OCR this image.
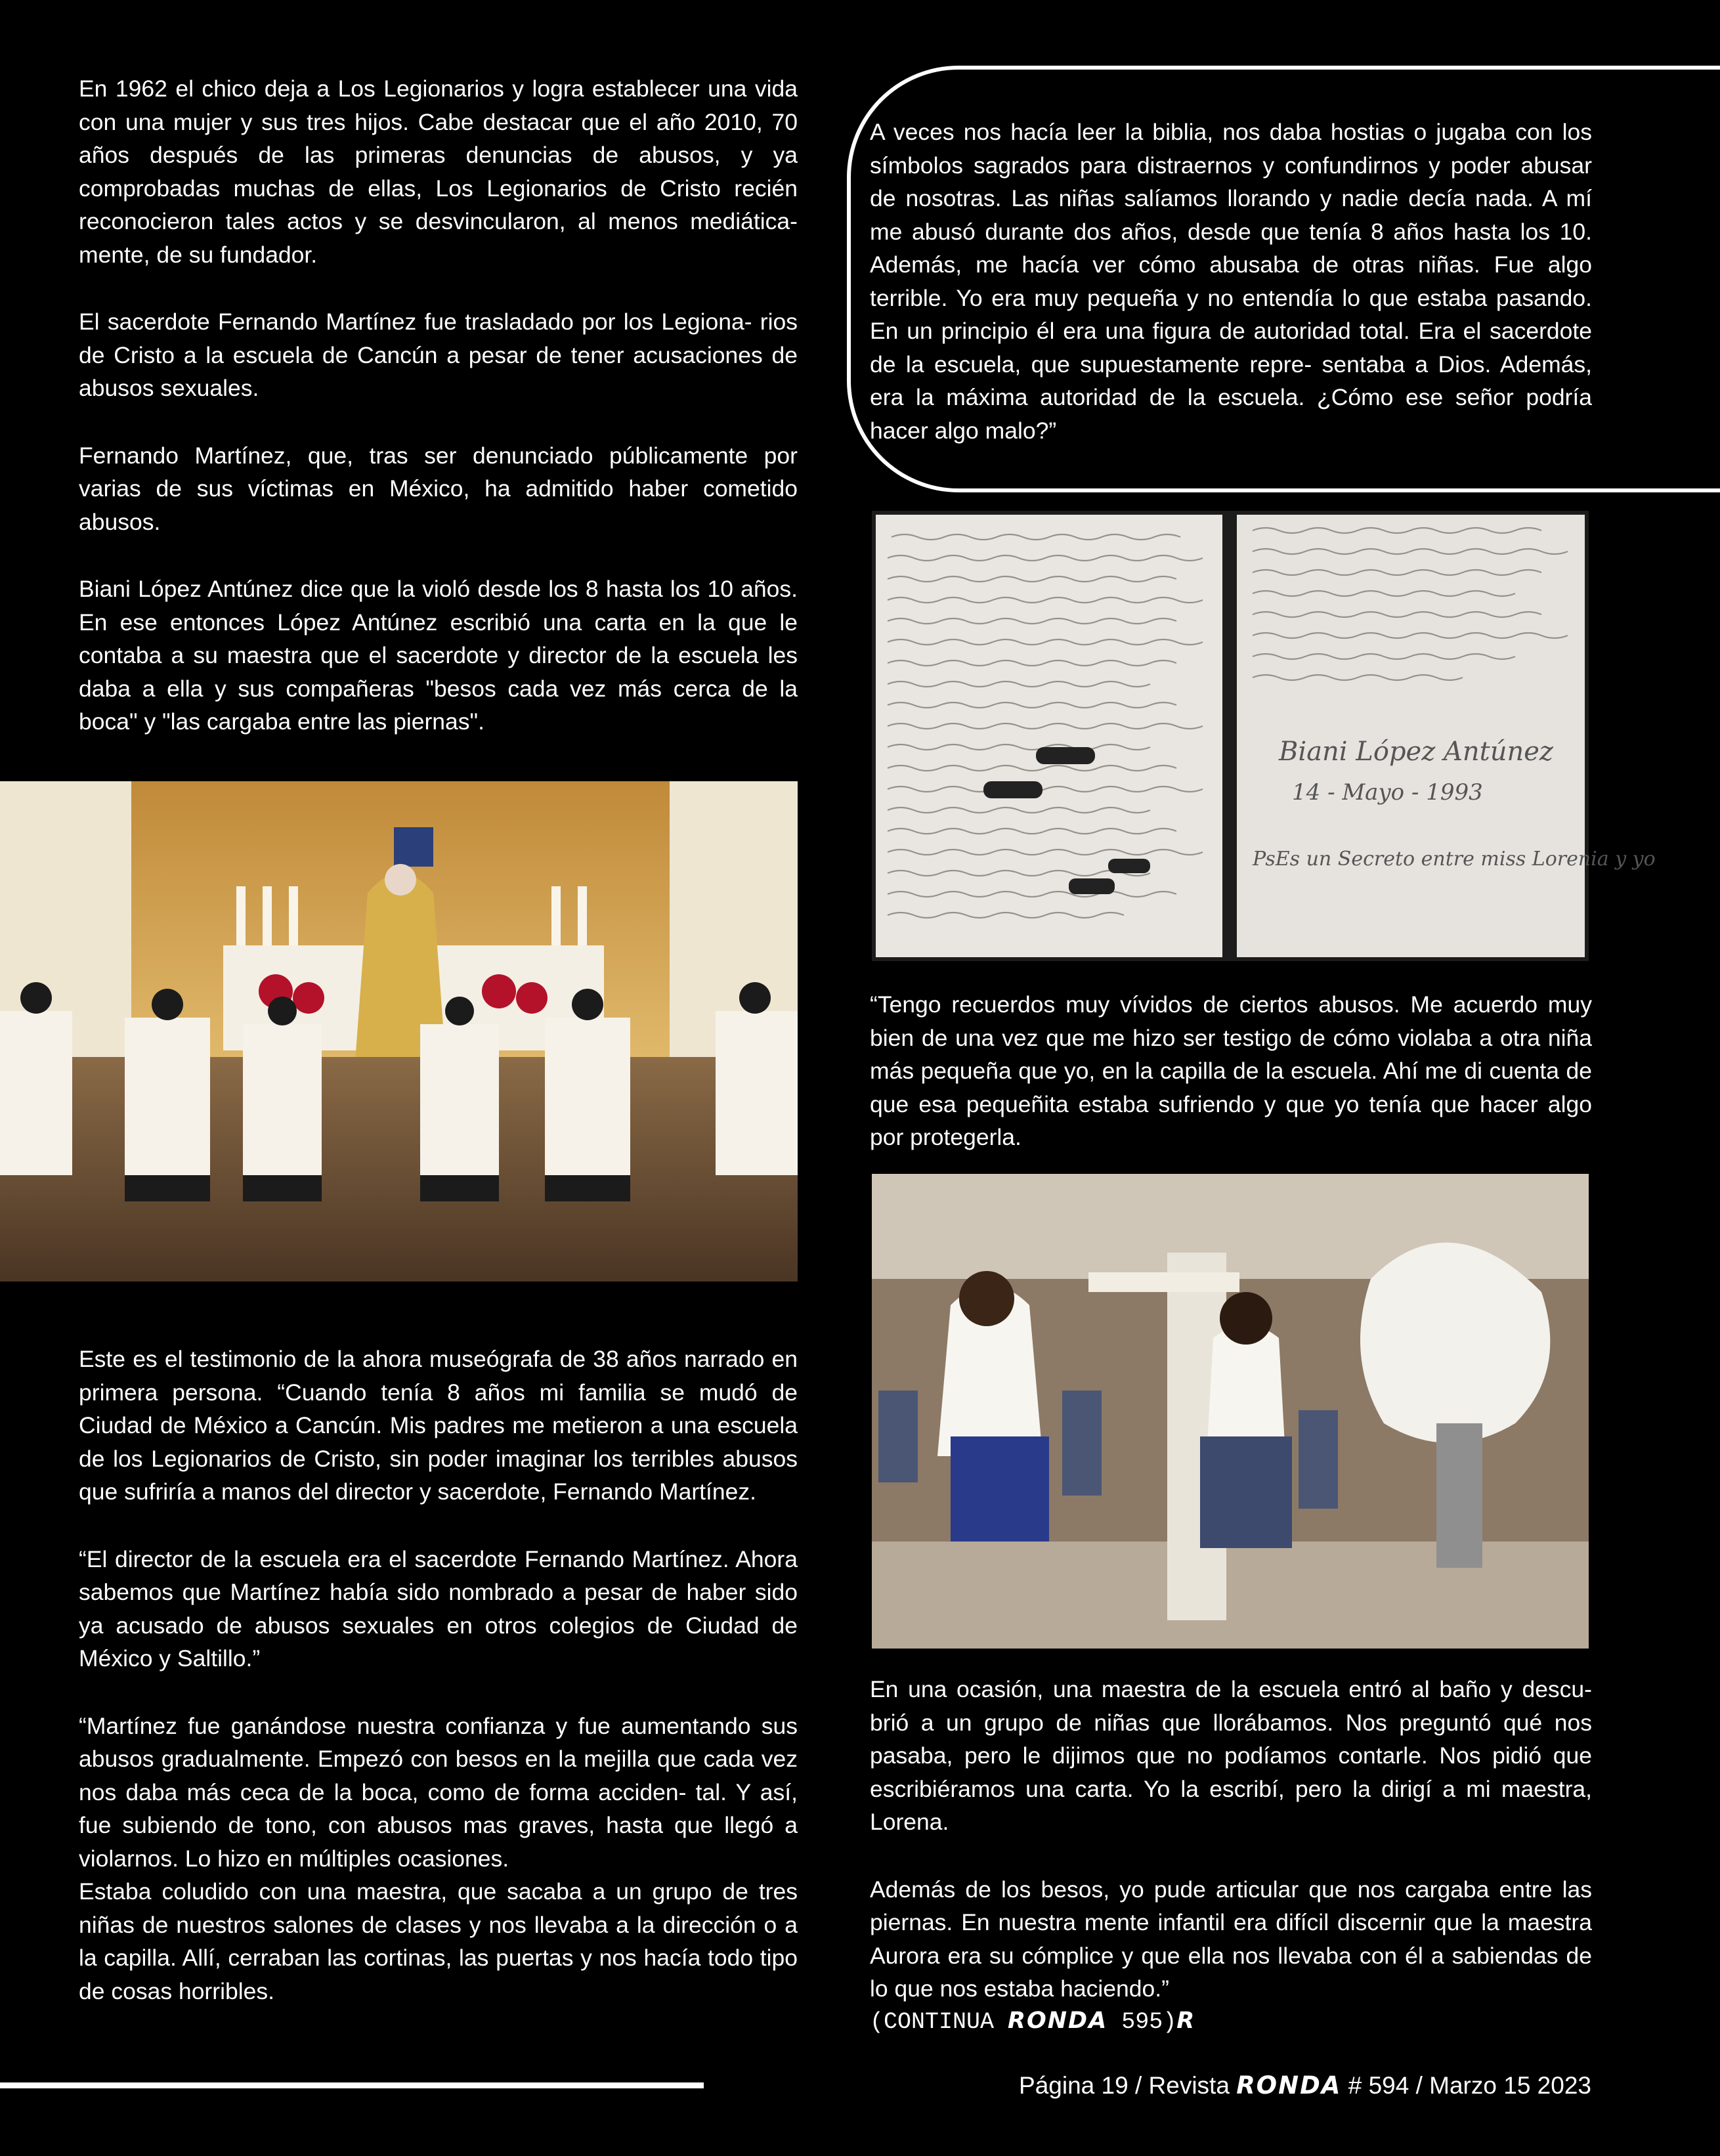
En 1962 el chico deja a Los Legionarios y logra establecer una vida con una mujer y sus tres hijos. Cabe destacar que el año 2010, 70 años después de las primeras denuncias de abusos, y ya comprobadas muchas de ellas, Los Legionarios de Cristo recién reconocieron tales actos y se desvincularon, al menos mediática- mente, de su fundador.

El sacerdote Fernando Martínez fue trasladado por los Legiona- rios de Cristo a la escuela de Cancún a pesar de tener acusaciones de abusos sexuales.

Fernando Martínez, que, tras ser denunciado públicamente por varias de sus víctimas en México, ha admitido haber cometido abusos.

Biani López Antúnez dice que la violó desde los 8 hasta los 10 años. En ese entonces López Antúnez escribió una carta en la que le contaba a su maestra que el sacerdote y director de la escuela les daba a ella y sus compañeras "besos cada vez más cerca de la boca" y "las cargaba entre las piernas".

A veces nos hacía leer la biblia, nos daba hostias o jugaba con los símbolos sagrados para distraernos y confundirnos y poder abusar de nosotras. Las niñas salíamos llorando y nadie decía nada. A mí me abusó durante dos años, desde que tenía 8 años hasta los 10. Además, me hacía ver cómo abusaba de otras niñas. Fue algo terrible. Yo era muy pequeña y no entendía lo que estaba pasando. En un principio él era una figura de autoridad total. Era el sacerdote de la escuela, que supuestamente repre- sentaba a Dios. Además, era la máxima autoridad de la escuela. ¿Cómo ese señor podría hacer algo malo?”

Biani López Antúnez
14 - Mayo - 1993
PsEs un Secreto entre miss Lorenia y yo

“Tengo recuerdos muy vívidos de ciertos abusos. Me acuerdo muy bien de una vez que me hizo ser testigo de cómo violaba a otra niña más pequeña que yo, en la capilla de la escuela. Ahí me di cuenta de que esa pequeñita estaba sufriendo y que yo tenía que hacer algo por protegerla.

Este es el testimonio de la ahora museógrafa de 38 años narrado en primera persona. “Cuando tenía 8 años mi familia se mudó de Ciudad de México a Cancún. Mis padres me metieron a una escuela de los Legionarios de Cristo, sin poder imaginar los terribles abusos que sufriría a manos del director y sacerdote, Fernando Martínez.

“El director de la escuela era el sacerdote Fernando Martínez. Ahora sabemos que Martínez había sido nombrado a pesar de haber sido ya acusado de abusos sexuales en otros colegios de Ciudad de México y Saltillo.”

“Martínez fue ganándose nuestra confianza y fue aumentando sus abusos gradualmente. Empezó con besos en la mejilla que cada vez nos daba más ceca de la boca, como de forma acciden- tal. Y así, fue subiendo de tono, con abusos mas graves, hasta que llegó a violarnos. Lo hizo en múltiples ocasiones.

Estaba coludido con una maestra, que sacaba a un grupo de tres niñas de nuestros salones de clases y nos llevaba a la dirección o a la capilla. Allí, cerraban las cortinas, las puertas y nos hacía todo tipo de cosas horribles.

En una ocasión, una maestra de la escuela entró al baño y descu- brió a un grupo de niñas que llorábamos. Nos preguntó qué nos pasaba, pero le dijimos que no podíamos contarle. Nos pidió que escribiéramos una carta. Yo la escribí, pero la dirigí a mi maestra, Lorena.

Además de los besos, yo pude articular que nos cargaba entre las piernas. En nuestra mente infantil era difícil discernir que la maestra Aurora era su cómplice y que ella nos llevaba con él a sabiendas de lo que nos estaba haciendo.”

(CONTINUA RONDA 595)R
Página 19 / Revista RONDA # 594 / Marzo 15 2023
